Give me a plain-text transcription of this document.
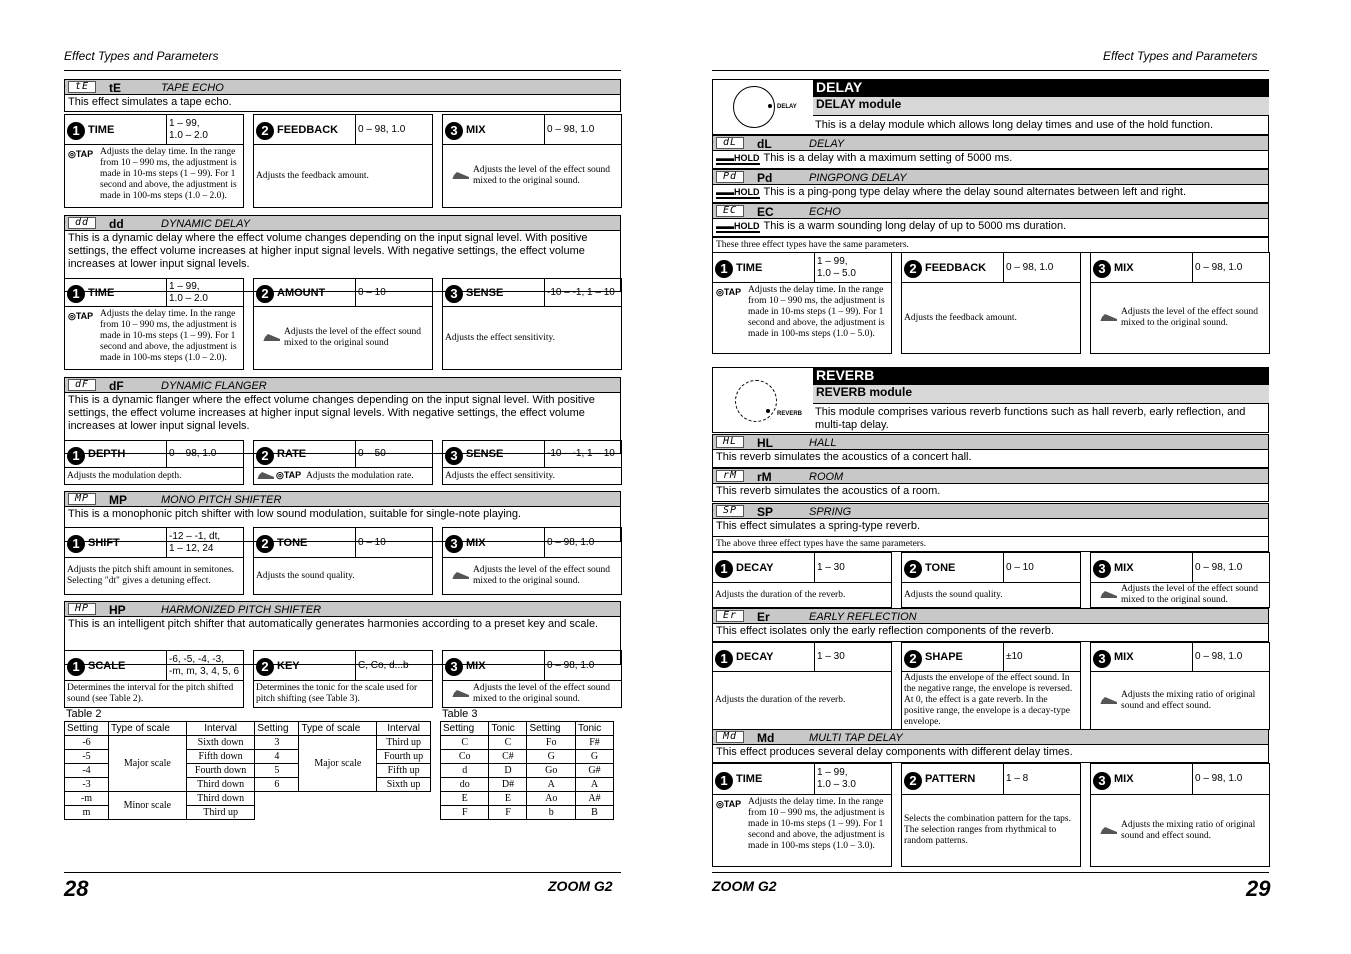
Effect Types and Parameters
28	ZOOM G2
tE	tE	TAPE ECHO
This effect simulates a tape echo.
1 TIME
1 – 99,
1.0 – 2.0
◎TAP Adjusts the delay time. In the range from 10 – 990 ms, the adjustment is made in 10-ms steps (1 – 99). For 1 second and above, the adjustment is made in 100-ms steps (1.0 – 2.0).
2 FEEDBACK	0 – 98, 1.0
Adjusts the feedback amount.
3 MIX	0 – 98, 1.0
Adjusts the level of the effect sound mixed to the original sound.
dd	dd	DYNAMIC DELAY
This is a dynamic delay where the effect volume changes depending on the input signal level. With positive settings, the effect volume increases at higher input signal levels. With negative settings, the effect volume increases at lower input signal levels.
1 TIME
1 – 99,
1.0 – 2.0
◎TAP Adjusts the delay time. In the range from 10 – 990 ms, the adjustment is made in 10-ms steps (1 – 99). For 1 second and above, the adjustment is made in 100-ms steps (1.0 – 2.0).
2 AMOUNT	0 – 10
Adjusts the level of the effect sound mixed to the original sound
3 SENSE	-10 – -1, 1 – 10
Adjusts the effect sensitivity.
dF	dF	DYNAMIC FLANGER
This is a dynamic flanger where the effect volume changes depending on the input signal level. With positive settings, the effect volume increases at higher input signal levels. With negative settings, the effect volume increases at lower input signal levels.
1 DEPTH	0 – 98, 1.0
Adjusts the modulation depth.
2 RATE	0 – 50
◎TAP Adjusts the modulation rate.
3 SENSE	-10 – -1, 1 – 10
Adjusts the effect sensitivity.
MP	MP	MONO PITCH SHIFTER
This is a monophonic pitch shifter with low sound modulation, suitable for single-note playing.
1 SHIFT
-12 – -1, dt,
1 – 12, 24
Adjusts the pitch shift amount in semitones. Selecting "dt" gives a detuning effect.
2 TONE	0 – 10
Adjusts the sound quality.
3 MIX	0 – 98, 1.0
Adjusts the level of the effect sound mixed to the original sound.
HP	HP	HARMONIZED PITCH SHIFTER
This is an intelligent pitch shifter that automatically generates harmonies according to a preset key and scale.
1 SCALE
-6, -5, -4, -3,
-m, m, 3, 4, 5, 6
Determines the interval for the pitch shifted sound (see Table 2).
2 KEY	C, Co, d...b
Determines the tonic for the scale used for pitch shifting (see Table 3).
3 MIX	0 – 98, 1.0
Adjusts the level of the effect sound mixed to the original sound.
Table 2
Setting	Type of scale	Interval	Setting	Type of scale	Interval
-6	Major scale	Sixth down	3	Major scale	Third up
-5		Fifth down	4		Fourth up
-4		Fourth down	5		Fifth up
-3		Third down	6		Sixth up
-m	Minor scale	Third down			
m		Third up			
Table 3
Setting	Tonic	Setting	Tonic
C	C	Fo	F#
Co	C#	G	G
d	D	Go	G#
do	D#	A	A
E	E	Ao	A#
F	F	b	B
Effect Types and Parameters
ZOOM G2	29
DELAY
DELAY
DELAY module
This is a delay module which allows long delay times and use of the hold function.
dL	dL	DELAY
▬▬HOLD This is a delay with a maximum setting of 5000 ms.
Pd	Pd	PINGPONG DELAY
▬▬HOLD This is a ping-pong type delay where the delay sound alternates between left and right.
EC	EC	ECHO
▬▬HOLD This is a warm sounding long delay of up to 5000 ms duration.
These three effect types have the same parameters.
1 TIME
1 – 99,
1.0 – 5.0
◎TAP Adjusts the delay time. In the range from 10 – 990 ms, the adjustment is made in 10-ms steps (1 – 99). For 1 second and above, the adjustment is made in 100-ms steps (1.0 – 5.0).
2 FEEDBACK	0 – 98, 1.0
Adjusts the feedback amount.
3 MIX	0 – 98, 1.0
Adjusts the level of the effect sound mixed to the original sound.
REVERB
REVERB
REVERB module
This module comprises various reverb functions such as hall reverb, early reflection, and multi-tap delay.
HL	HL	HALL
This reverb simulates the acoustics of a concert hall.
rM	rM	ROOM
This reverb simulates the acoustics of a room.
SP	SP	SPRING
This effect simulates a spring-type reverb.
The above three effect types have the same parameters.
1 DECAY	1 – 30
Adjusts the duration of the reverb.
2 TONE	0 – 10
Adjusts the sound quality.
3 MIX	0 – 98, 1.0
Adjusts the level of the effect sound mixed to the original sound.
Er	Er	EARLY REFLECTION
This effect isolates only the early reflection components of the reverb.
1 DECAY	1 – 30
Adjusts the duration of the reverb.
2 SHAPE	±10
Adjusts the envelope of the effect sound. In the negative range, the envelope is reversed. At 0, the effect is a gate reverb. In the positive range, the envelope is a decay-type envelope.
3 MIX	0 – 98, 1.0
Adjusts the mixing ratio of original sound and effect sound.
Md	Md	MULTI TAP DELAY
This effect produces several delay components with different delay times.
1 TIME
1 – 99,
1.0 – 3.0
◎TAP Adjusts the delay time. In the range from 10 – 990 ms, the adjustment is made in 10-ms steps (1 – 99). For 1 second and above, the adjustment is made in 100-ms steps (1.0 – 3.0).
2 PATTERN	1 – 8
Selects the combination pattern for the taps. The selection ranges from rhythmical to random patterns.
3 MIX	0 – 98, 1.0
Adjusts the mixing ratio of original sound and effect sound.
